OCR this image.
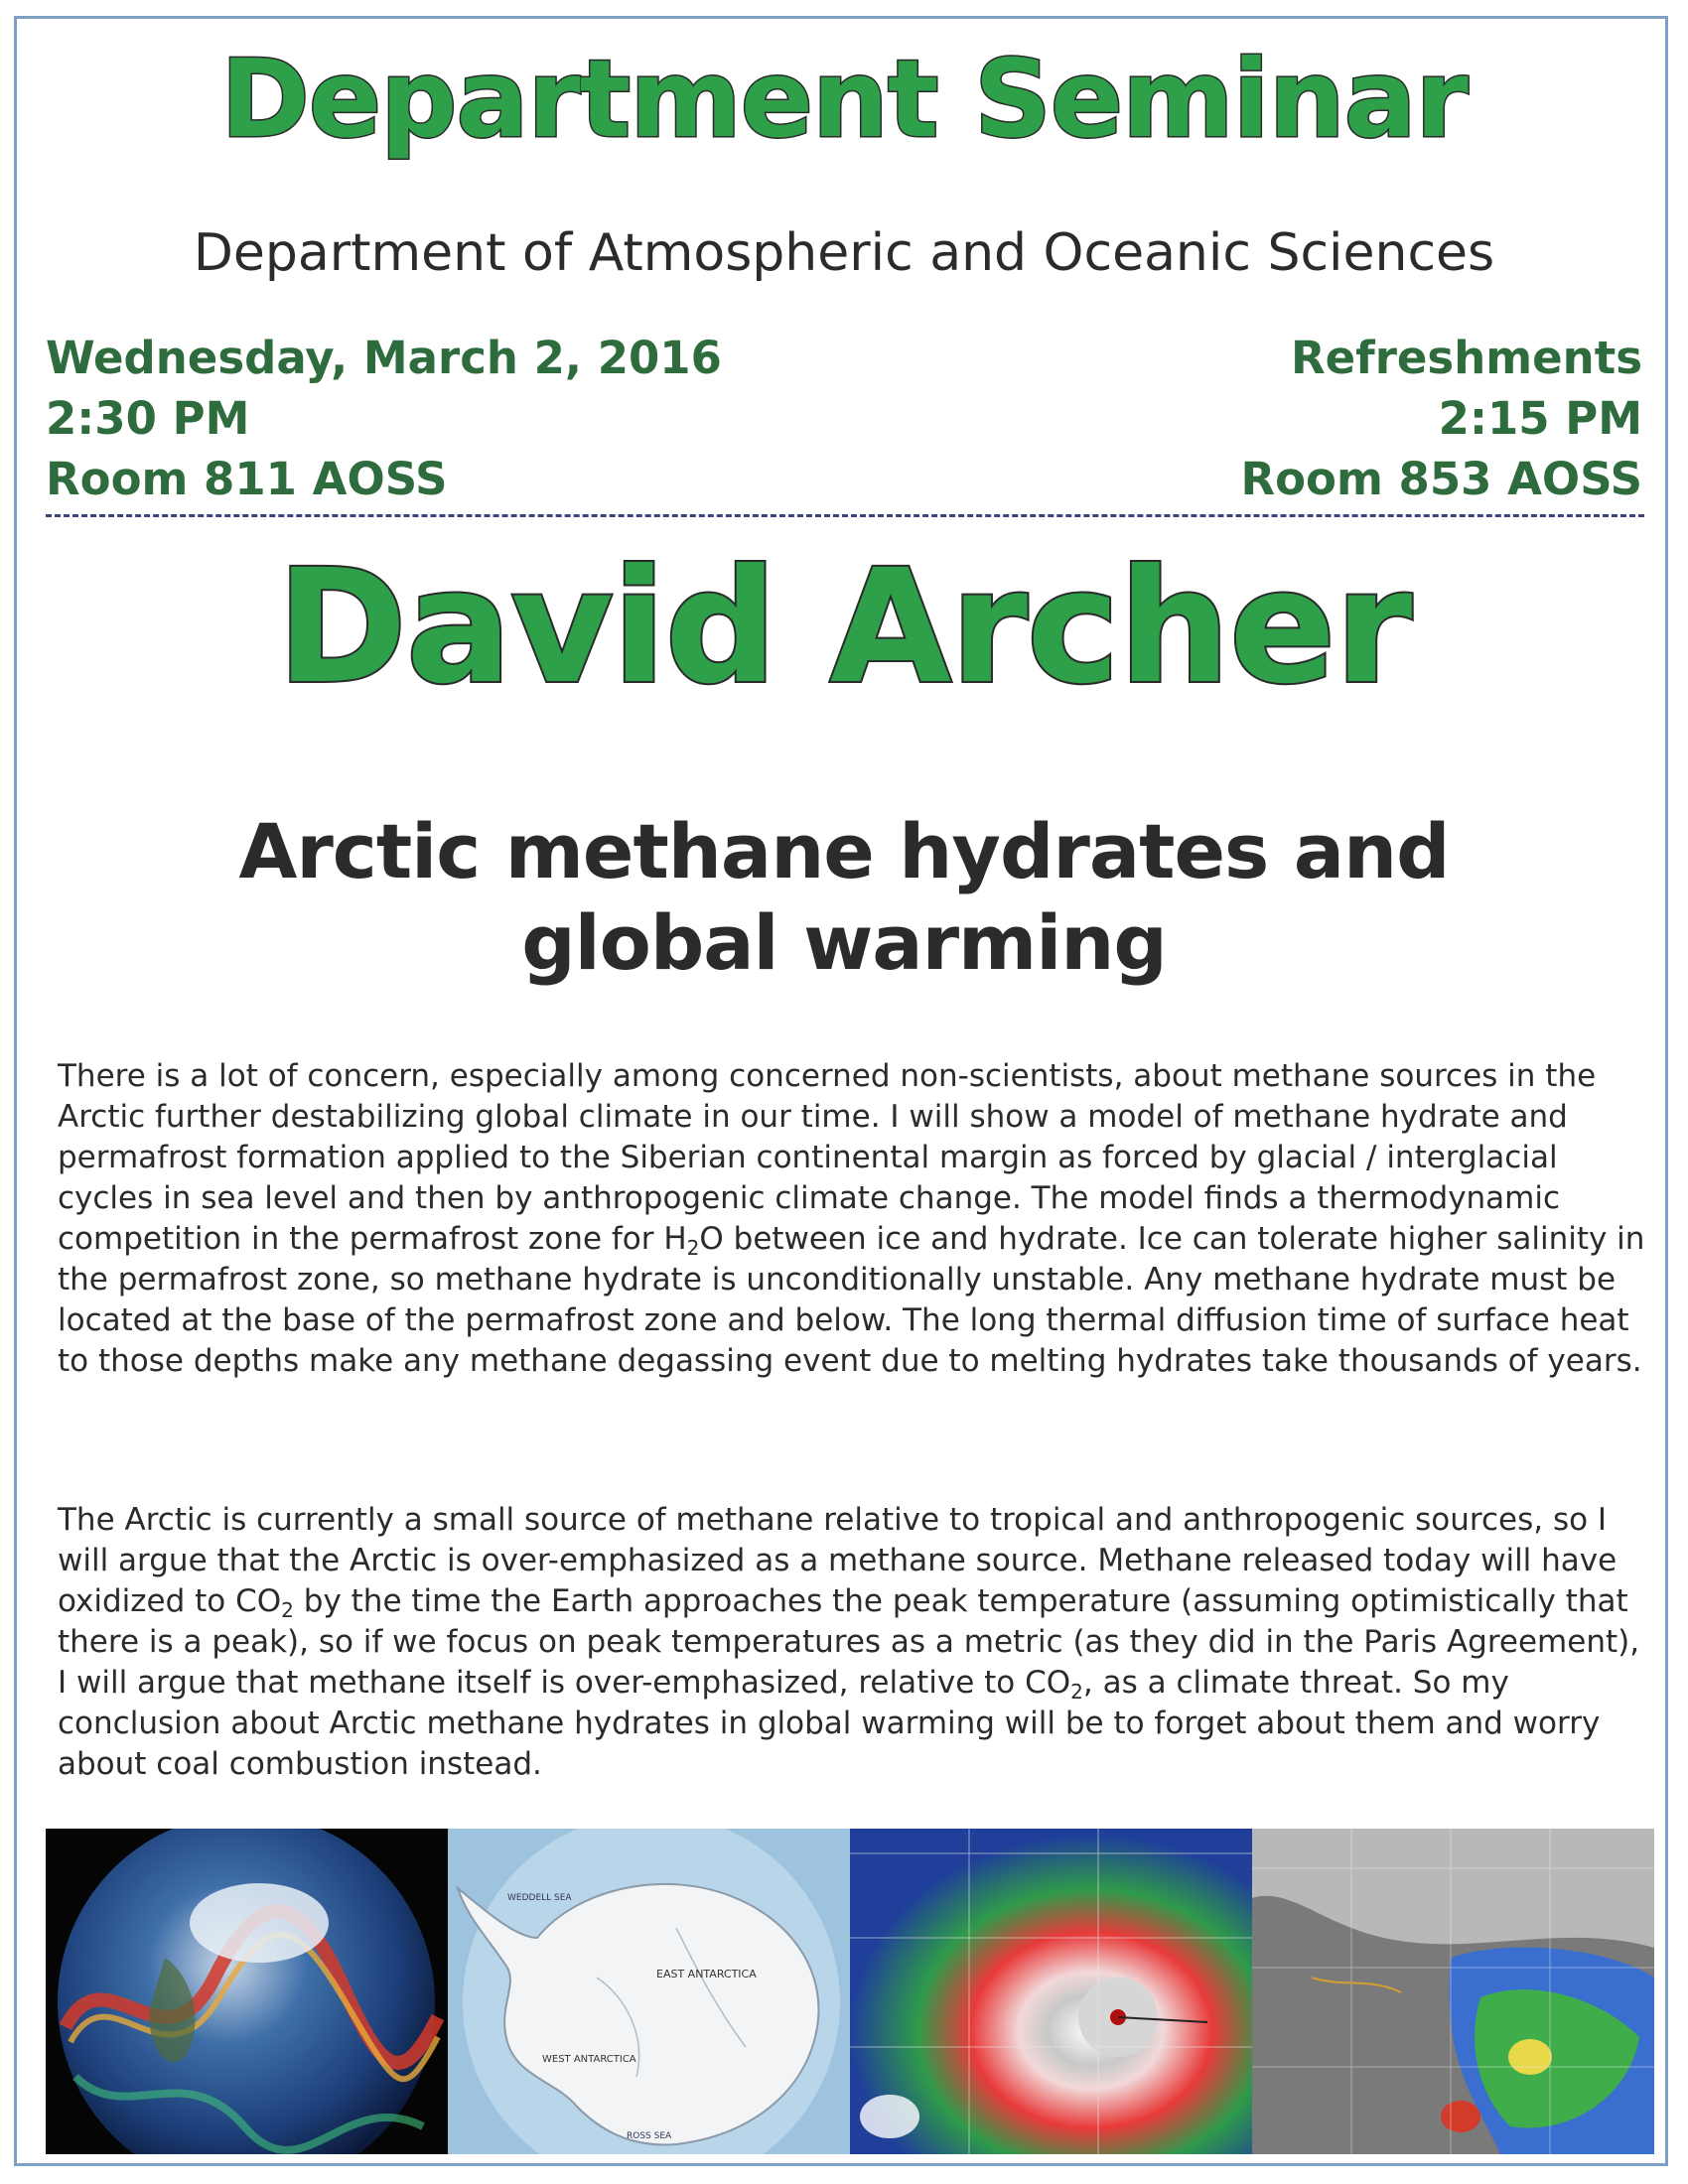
Department Seminar
Department of Atmospheric and Oceanic Sciences
Wednesday, March 2, 2016
2:30 PM
Room 811 AOSS
Refreshments
2:15 PM
Room 853 AOSS
David Archer
Arctic methane hydrates and
global warming
There is a lot of concern, especially among concerned non-scientists, about methane sources in the Arctic further destabilizing global climate in our time. I will show a model of methane hydrate and permafrost formation applied to the Siberian continental margin as forced by glacial / interglacial cycles in sea level and then by anthropogenic climate change. The model finds a thermodynamic competition in the permafrost zone for $H_2O$ between ice and hydrate. Ice can tolerate higher salinity in the permafrost zone, so methane hydrate is unconditionally unstable. Any methane hydrate must be located at the base of the permafrost zone and below. The long thermal diffusion time of surface heat to those depths make any methane degassing event due to melting hydrates take thousands of years.
The Arctic is currently a small source of methane relative to tropical and anthropogenic sources, so I will argue that the Arctic is over-emphasized as a methane source. Methane released today will have oxidized to $CO_2$ by the time the Earth approaches the peak temperature (assuming optimistically that there is a peak), so if we focus on peak temperatures as a metric (as they did in the Paris Agreement), I will argue that methane itself is over-emphasized, relative to $CO_2$, as a climate threat. So my conclusion about Arctic methane hydrates in global warming will be to forget about them and worry about coal combustion instead.
EAST ANTARCTICA
WEST ANTARCTICA
WEDDELL SEA
ROSS SEA
